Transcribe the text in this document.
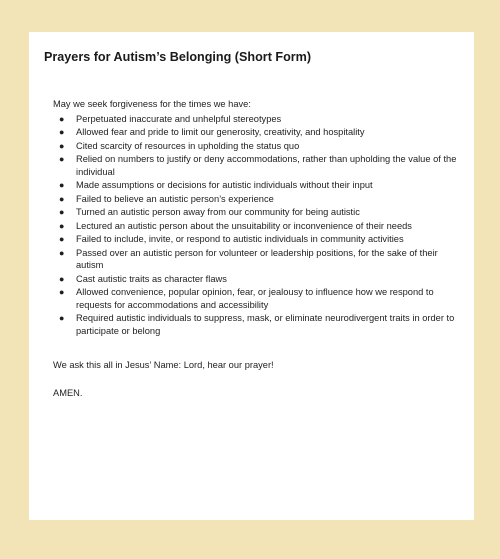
Prayers for Autism’s Belonging (Short Form)
May we seek forgiveness for the times we have:
● Perpetuated inaccurate and unhelpful stereotypes
● Allowed fear and pride to limit our generosity, creativity, and hospitality
● Cited scarcity of resources in upholding the status quo
● Relied on numbers to justify or deny accommodations, rather than upholding the value of the individual
● Made assumptions or decisions for autistic individuals without their input
● Failed to believe an autistic person’s experience
● Turned an autistic person away from our community for being autistic
● Lectured an autistic person about the unsuitability or inconvenience of their needs
● Failed to include, invite, or respond to autistic individuals in community activities
● Passed over an autistic person for volunteer or leadership positions, for the sake of their autism
● Cast autistic traits as character flaws
● Allowed convenience, popular opinion, fear, or jealousy to influence how we respond to requests for accommodations and accessibility
● Required autistic individuals to suppress, mask, or eliminate neurodivergent traits in order to participate or belong
We ask this all in Jesus’ Name: Lord, hear our prayer!
AMEN.
